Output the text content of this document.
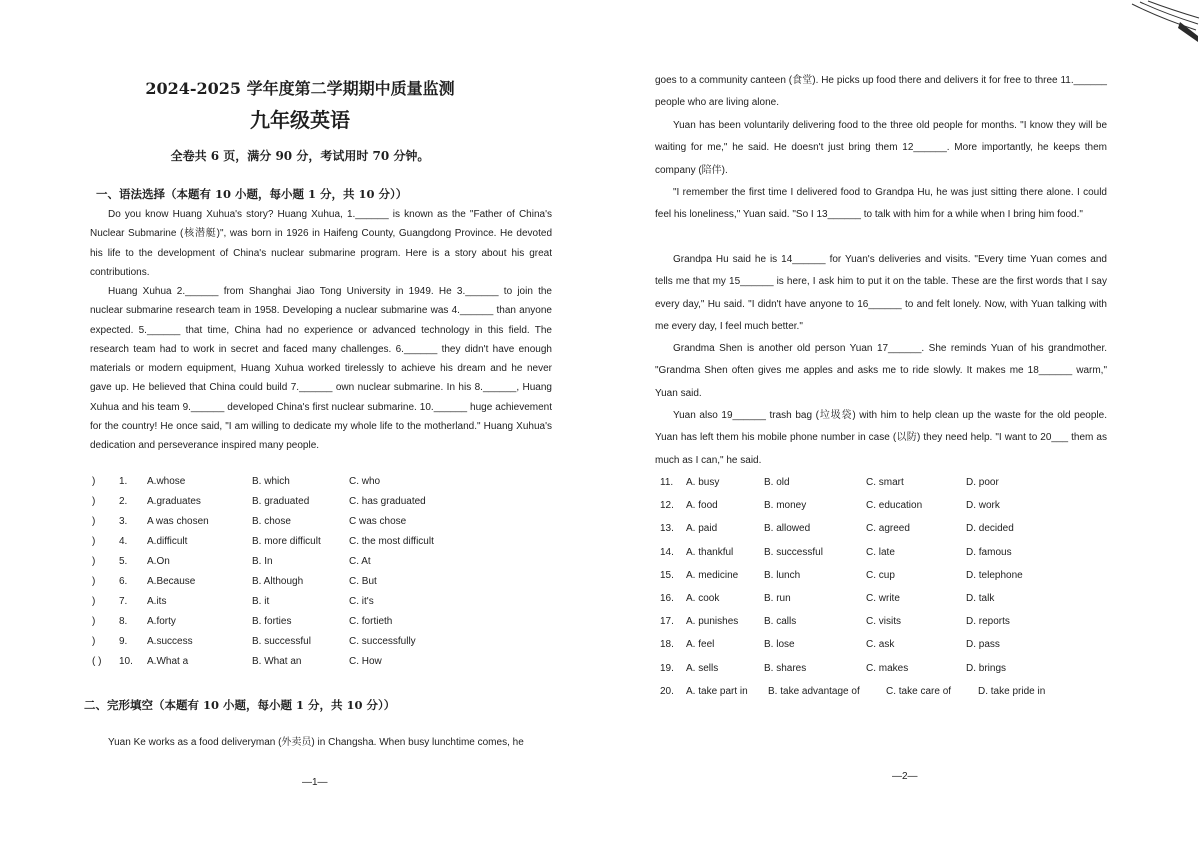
2024-2025 学年度第二学期期中质量监测
九年级英语
全卷共 6 页，满分 90 分，考试用时 70 分钟。
一、语法选择（本题有 10 小题，每小题 1 分，共 10 分））

Do you know Huang Xuhua's story? Huang Xuhua, 1.______ is known as the "Father of China's Nuclear Submarine (核潜艇)", was born in 1926 in Haifeng County, Guangdong Province. He devoted his life to the development of China's nuclear submarine program. Here is a story about his great contributions.

Huang Xuhua 2.______ from Shanghai Jiao Tong University in 1949. He 3.______ to join the nuclear submarine research team in 1958. Developing a nuclear submarine was 4.______ than anyone expected. 5.______ that time, China had no experience or advanced technology in this field. The research team had to work in secret and faced many challenges. 6.______ they didn't have enough materials or modern equipment, Huang Xuhua worked tirelessly to achieve his dream and he never gave up. He believed that China could build 7.______ own nuclear submarine. In his 8.______, Huang Xuhua and his team 9.______ developed China's first nuclear submarine. 10.______ huge achievement for the country! He once said, "I am willing to dedicate my whole life to the motherland." Huang Xuhua's dedication and perseverance inspired many people.

) 1. A.whose	B. which	C. who
) 2. A.graduates	B. graduated	C. has graduated
) 3. A was chosen	B. chose	C was chose
) 4. A.difficult	B. more difficult	C. the most difficult
) 5. A.On	B. In	C. At
) 6. A.Because	B. Although	C. But
) 7. A.its	B. it	C. it's
) 8. A.forty	B. forties	C. fortieth
) 9. A.success	B. successful	C. successfully
( ) 10. A.What a	B. What an	C. How
二、完形填空（本题有 10 小题，每小题 1 分，共 10 分））

Yuan Ke works as a food deliveryman (外卖员) in Changsha. When busy lunchtime comes, he

—1—
—2—

goes to a community canteen (食堂). He picks up food there and delivers it for free to three 11.______ people who are living alone.

Yuan has been voluntarily delivering food to the three old people for months. "I know they will be waiting for me," he said. He doesn't just bring them 12______. More importantly, he keeps them company (陪伴).

"I remember the first time I delivered food to Grandpa Hu, he was just sitting there alone. I could feel his loneliness," Yuan said. "So I 13______ to talk with him for a while when I bring him food."

Grandpa Hu said he is 14______ for Yuan's deliveries and visits. "Every time Yuan comes and tells me that my 15______ is here, I ask him to put it on the table. These are the first words that I say every day," Hu said. "I didn't have anyone to 16______ to and felt lonely. Now, with Yuan talking with me every day, I feel much better."

Grandma Shen is another old person Yuan 17______. She reminds Yuan of his grandmother. "Grandma Shen often gives me apples and asks me to ride slowly. It makes me 18______ warm," Yuan said.

Yuan also 19______ trash bag (垃圾袋) with him to help clean up the waste for the old people. Yuan has left them his mobile phone number in case (以防) they need help. "I want to 20___ them as much as I can," he said.

11. A. busy	B. old	C. smart	D. poor
12. A. food	B. money	C. education	D. work
13. A. paid	B. allowed	C. agreed	D. decided
14. A. thankful	B. successful	C. late	D. famous
15. A. medicine	B. lunch	C. cup	D. telephone
16. A. cook	B. run	C. write	D. talk
17. A. punishes	B. calls	C. visits	D. reports
18. A. feel	B. lose	C. ask	D. pass
19. A. sells	B. shares	C. makes	D. brings
20. A. take part in B. take advantage of	C. take care of	D. take pride in
